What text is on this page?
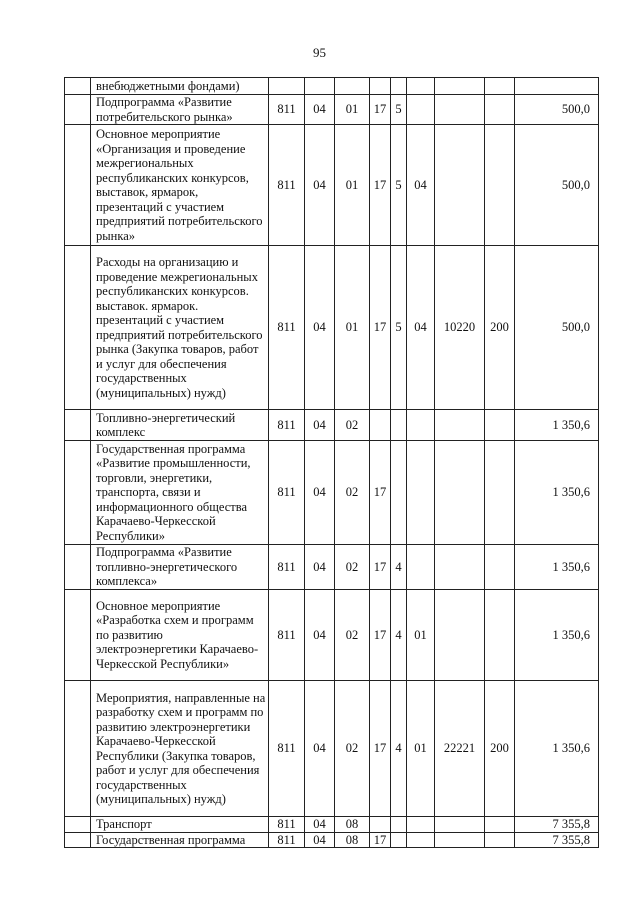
95
	внебюджетными фондами)									
	Подпрограмма «Развитие потребительского рынка»	811	04	01	17	5				500,0
	Основное мероприятие «Организация и проведение межрегиональных республиканских конкурсов, выставок, ярмарок, презентаций с участием предприятий потребительского рынка»	811	04	01	17	5	04			500,0
	Расходы на организацию и проведение межрегиональных республиканских конкурсов. выставок. ярмарок. презентаций с участием предприятий потребительского рынка (Закупка товаров, работ и услуг для обеспечения государственных (муниципальных) нужд)	811	04	01	17	5	04	10220	200	500,0
	Топливно-энергетический комплекс	811	04	02						1 350,6
	Государственная программа «Развитие промышленности, торговли, энергетики, транспорта, связи и информационного общества Карачаево-Черкесской Республики»	811	04	02	17					1 350,6
	Подпрограмма «Развитие топливно-энергетического комплекса»	811	04	02	17	4				1 350,6
	Основное мероприятие «Разработка схем и программ по развитию электроэнергетики Карачаево-Черкесской Республики»	811	04	02	17	4	01			1 350,6
	Мероприятия, направленные на разработку схем и программ по развитию электроэнергетики Карачаево-Черкесской Республики (Закупка товаров, работ и услуг для обеспечения государственных (муниципальных) нужд)	811	04	02	17	4	01	22221	200	1 350,6
	Транспорт	811	04	08						7 355,8
	Государственная программа	811	04	08	17					7 355,8
